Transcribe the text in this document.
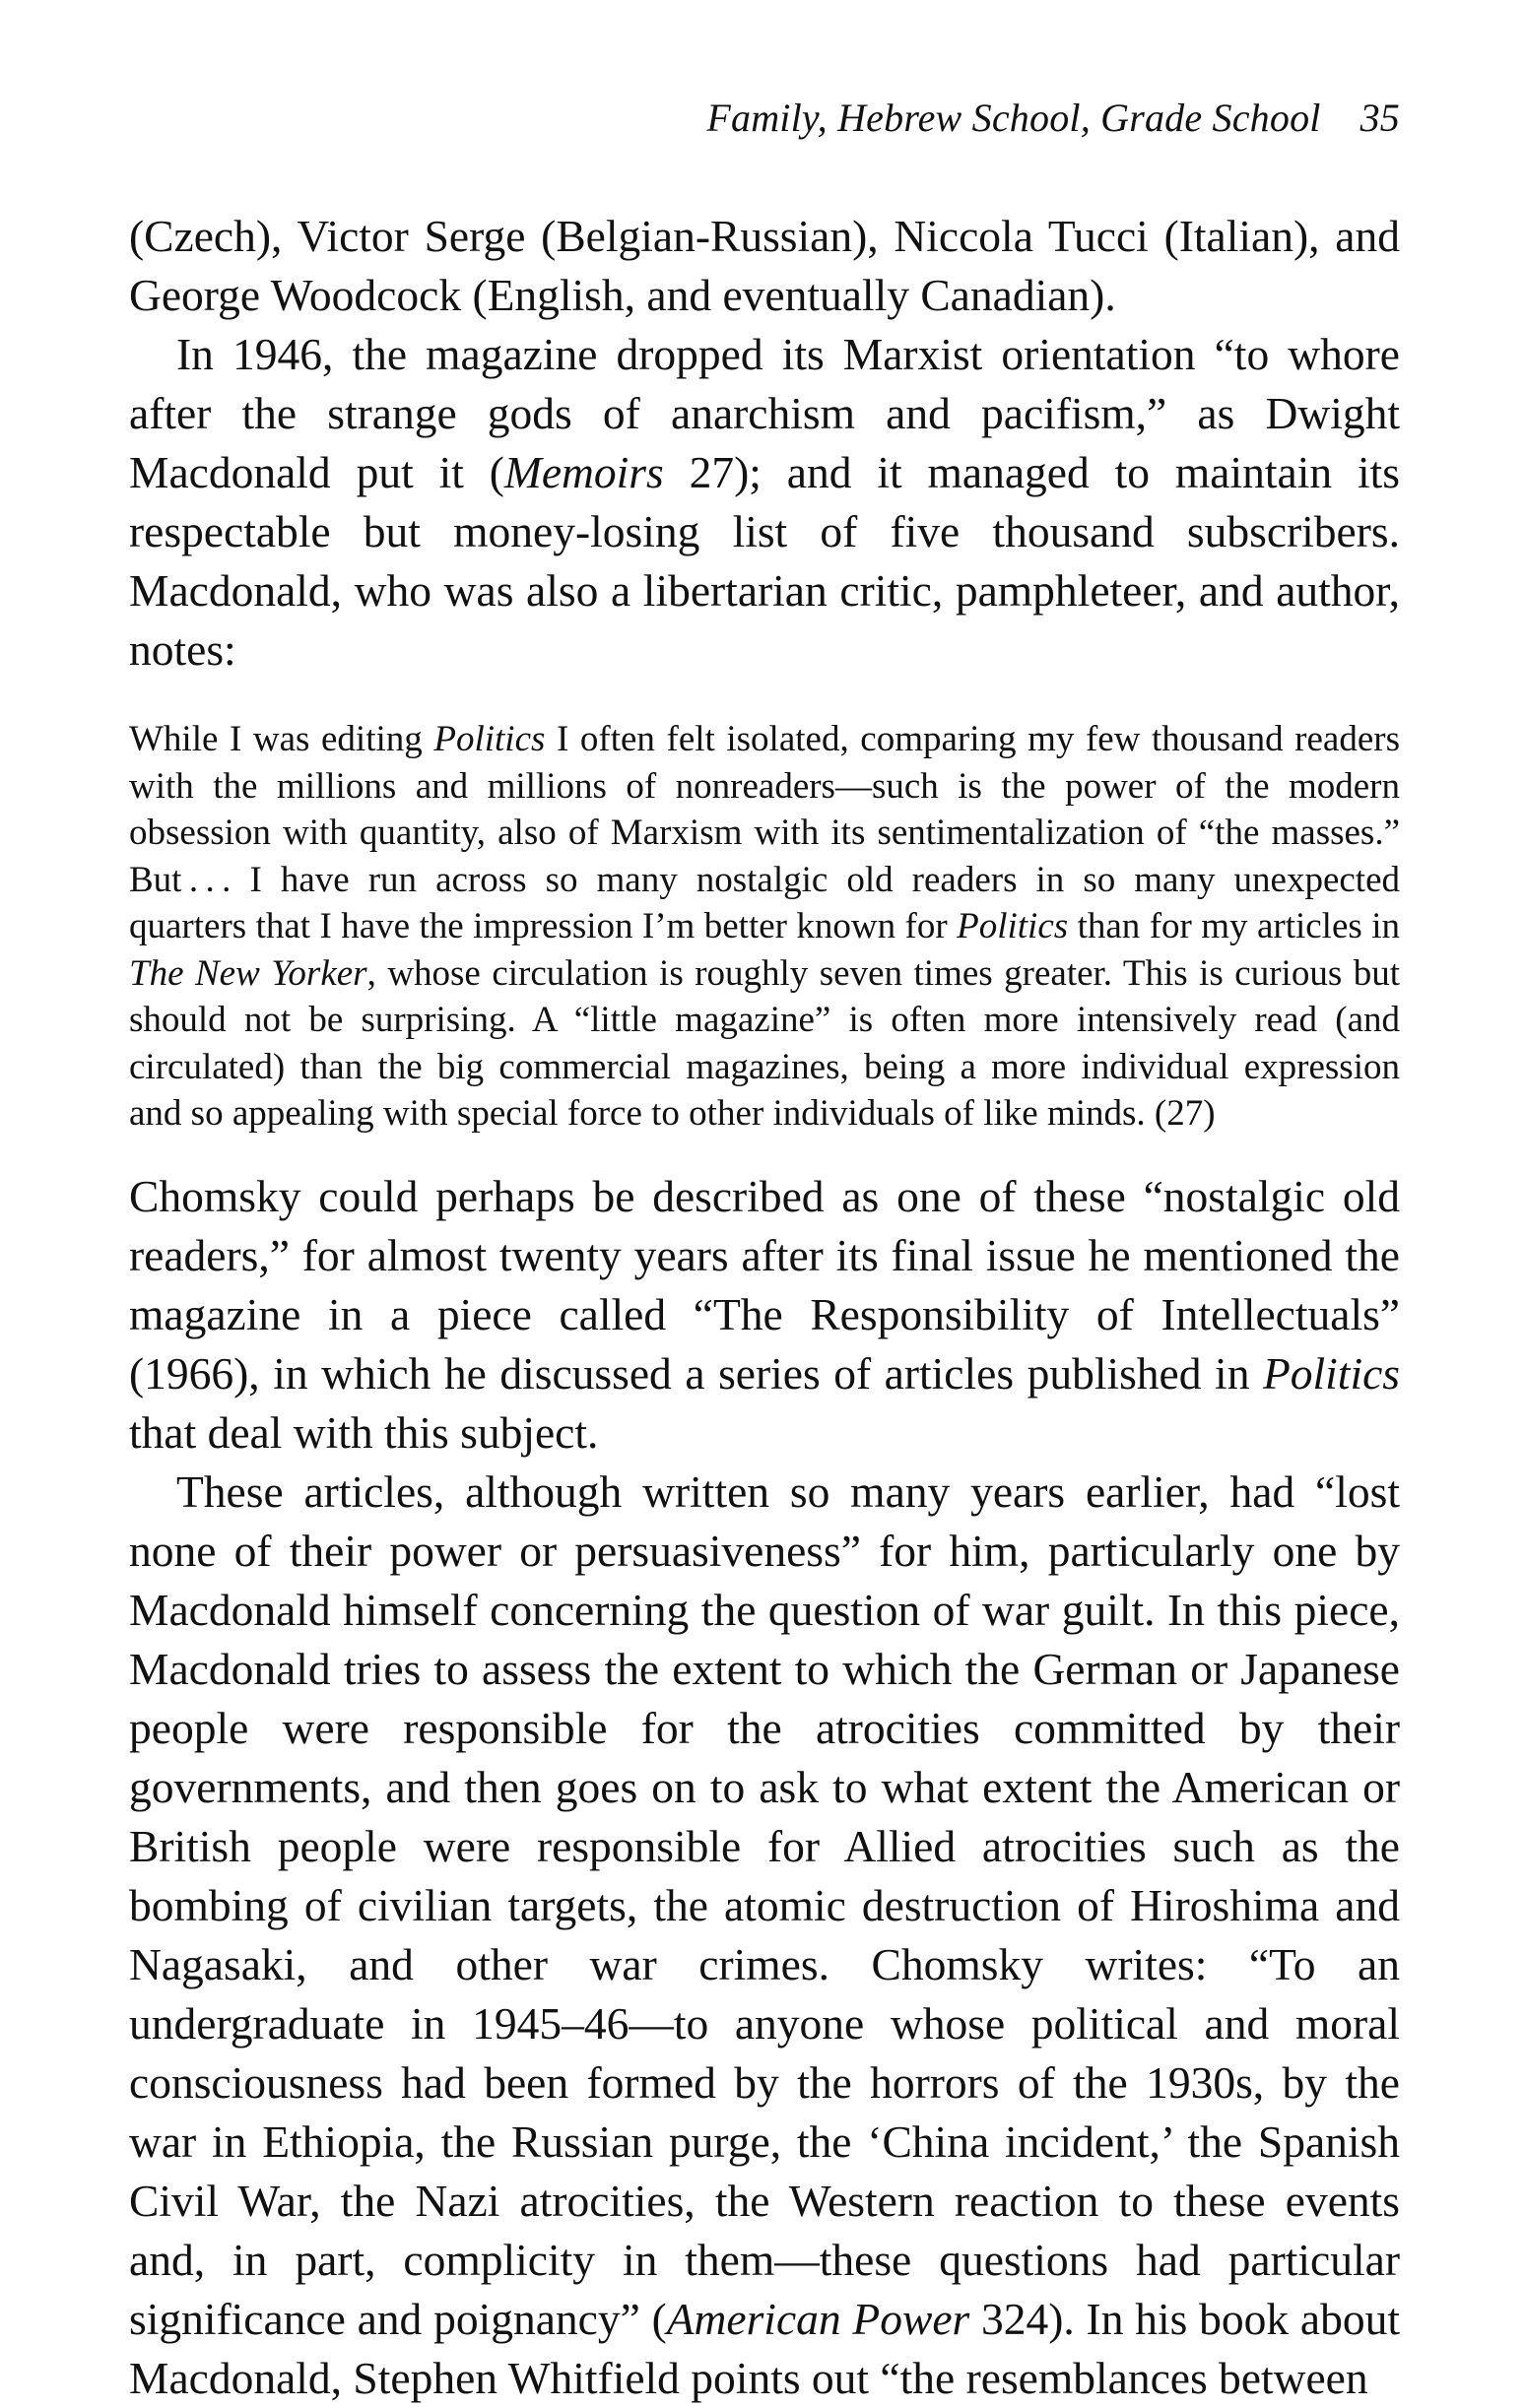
Family, Hebrew School, Grade School 35

(Czech), Victor Serge (Belgian-Russian), Niccola Tucci (Italian), and George Woodcock (English, and eventually Canadian).

In 1946, the magazine dropped its Marxist orientation “to whore after the strange gods of anarchism and pacifism,” as Dwight Macdonald put it (Memoirs 27); and it managed to maintain its respectable but money-losing list of five thousand subscribers. Macdonald, who was also a libertarian critic, pamphleteer, and author, notes:

While I was editing Politics I often felt isolated, comparing my few thousand readers with the millions and millions of nonreaders—such is the power of the modern obsession with quantity, also of Marxism with its sentimentalization of “the masses.” But . . . I have run across so many nostalgic old readers in so many unexpected quarters that I have the impression I’m better known for Politics than for my articles in The New Yorker, whose circulation is roughly seven times greater. This is curious but should not be surprising. A “little magazine” is often more intensively read (and circulated) than the big commercial magazines, being a more individual expression and so appealing with special force to other individuals of like minds. (27)

Chomsky could perhaps be described as one of these “nostalgic old readers,” for almost twenty years after its final issue he mentioned the magazine in a piece called “The Responsibility of Intellectuals” (1966), in which he discussed a series of articles published in Politics that deal with this subject.

These articles, although written so many years earlier, had “lost none of their power or persuasiveness” for him, particularly one by Macdonald himself concerning the question of war guilt. In this piece, Macdonald tries to assess the extent to which the German or Japanese people were responsible for the atrocities committed by their governments, and then goes on to ask to what extent the American or British people were responsible for Allied atrocities such as the bombing of civilian targets, the atomic destruction of Hiroshima and Nagasaki, and other war crimes. Chomsky writes: “To an undergraduate in 1945–46—to anyone whose political and moral consciousness had been formed by the horrors of the 1930s, by the war in Ethiopia, the Russian purge, the ‘China incident,’ the Spanish Civil War, the Nazi atrocities, the Western reaction to these events and, in part, complicity in them—these questions had particular significance and poignancy” (American Power 324). In his book about Macdonald, Stephen Whitfield points out “the resemblances between
